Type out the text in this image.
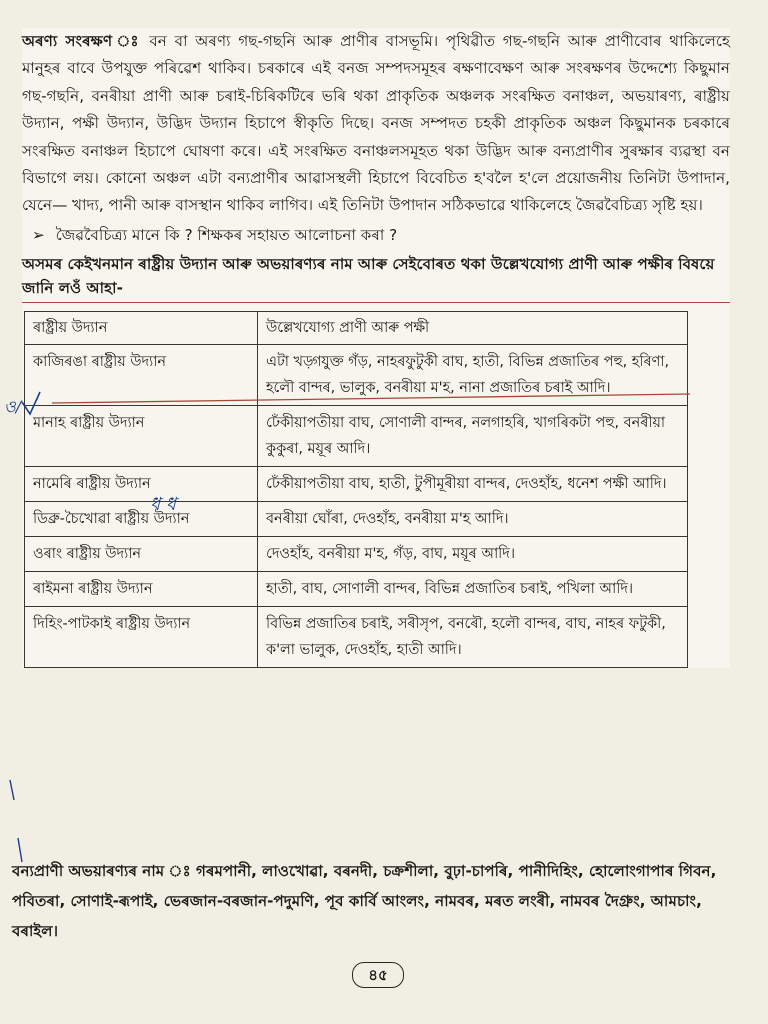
অৰণ্য সংৰক্ষণ ঃ বন বা অৰণ্য গছ-গছনি আৰু প্ৰাণীৰ বাসভূমি। পৃথিৱীত গছ-গছনি আৰু প্ৰাণীবোৰ থাকিলেহে মানুহৰ বাবে উপযুক্ত পৰিৱেশ থাকিব। চৰকাৰে এই বনজ সম্পদসমূহৰ ৰক্ষণাবেক্ষণ আৰু সংৰক্ষণৰ উদ্দেশ্যে কিছুমান গছ-গছনি, বনৰীয়া প্ৰাণী আৰু চৰাই-চিৰিকটিৰে ভৰি থকা প্ৰাকৃতিক অঞ্চলক সংৰক্ষিত বনাঞ্চল, অভয়াৰণ্য, ৰাষ্ট্ৰীয় উদ্যান, পক্ষী উদ্যান, উদ্ভিদ উদ্যান হিচাপে স্বীকৃতি দিছে। বনজ সম্পদত চহকী প্ৰাকৃতিক অঞ্চল কিছুমানক চৰকাৰে সংৰক্ষিত বনাঞ্চল হিচাপে ঘোষণা কৰে। এই সংৰক্ষিত বনাঞ্চলসমূহত থকা উদ্ভিদ আৰু বন্যপ্ৰাণীৰ সুৰক্ষাৰ ব্যৱস্থা বন বিভাগে লয়। কোনো অঞ্চল এটা বন্যপ্ৰাণীৰ আৱাসস্থলী হিচাপে বিবেচিত হ'বলৈ হ'লে প্ৰয়োজনীয় তিনিটা উপাদান, যেনে— খাদ্য, পানী আৰু বাসস্থান থাকিব লাগিব। এই তিনিটা উপাদান সঠিকভাৱে থাকিলেহে জৈৱবৈচিত্ৰ্য সৃষ্টি হয়।

➢ জৈৱবৈচিত্ৰ্য মানে কি ? শিক্ষকৰ সহায়ত আলোচনা কৰা ?

অসমৰ কেইখনমান ৰাষ্ট্ৰীয় উদ্যান আৰু অভয়াৰণ্যৰ নাম আৰু সেইবোৰত থকা উল্লেখযোগ্য প্ৰাণী আৰু পক্ষীৰ বিষয়ে জানি লওঁ আহা-

ৰাষ্ট্ৰীয় উদ্যান	উল্লেখযোগ্য প্ৰাণী আৰু পক্ষী
কাজিৰঙা ৰাষ্ট্ৰীয় উদ্যান	এটা খড়্গযুক্ত গঁড়, নাহৰফুটুকী বাঘ, হাতী, বিভিন্ন প্ৰজাতিৰ পহু, হৰিণা, হলৌ বান্দৰ, ভালুক, বনৰীয়া ম'হ, নানা প্ৰজাতিৰ চৰাই আদি।
মানাহ ৰাষ্ট্ৰীয় উদ্যান	ঢেঁকীয়াপতীয়া বাঘ, সোণালী বান্দৰ, নলগাহৰি, খাগৰিকটা পহু, বনৰীয়া কুকুৰা, ময়ূৰ আদি।
নামেৰি ৰাষ্ট্ৰীয় উদ্যান	ঢেঁকীয়াপতীয়া বাঘ, হাতী, টুপীমূৰীয়া বান্দৰ, দেওহাঁহ, ধনেশ পক্ষী আদি।
ডিব্ৰু-চৈখোৱা ৰাষ্ট্ৰীয় উদ্যান	বনৰীয়া ঘোঁৰা, দেওহাঁহ, বনৰীয়া ম'হ আদি।
ওৰাং ৰাষ্ট্ৰীয় উদ্যান	দেওহাঁহ, বনৰীয়া ম'হ, গঁড়, বাঘ, ময়ূৰ আদি।
ৰাইমনা ৰাষ্ট্ৰীয় উদ্যান	হাতী, বাঘ, সোণালী বান্দৰ, বিভিন্ন প্ৰজাতিৰ চৰাই, পখিলা আদি।
দিহিং-পাটকাই ৰাষ্ট্ৰীয় উদ্যান	বিভিন্ন প্ৰজাতিৰ চৰাই, সৰীসৃপ, বনৰৌ, হলৌ বান্দৰ, বাঘ, নাহৰ ফটুকী, ক'লা ভালুক, দেওহাঁহ, হাতী আদি।

বন্যপ্ৰাণী অভয়াৰণ্যৰ নাম ঃ গৰমপানী, লাওখোৱা, বৰনদী, চক্ৰশীলা, বুঢ়া-চাপৰি, পানীদিহিং, হোলোংগাপাৰ গিবন, পবিতৰা, সোণাই-ৰূপাই, ভেৰজান-বৰজান-পদুমণি, পূব কাৰ্বি আংলং, নামবৰ, মৰত লংৰী, নামবৰ দৈগ্ৰুং, আমচাং, বৰাইল।

৪৫
ও/
ধ ধ
